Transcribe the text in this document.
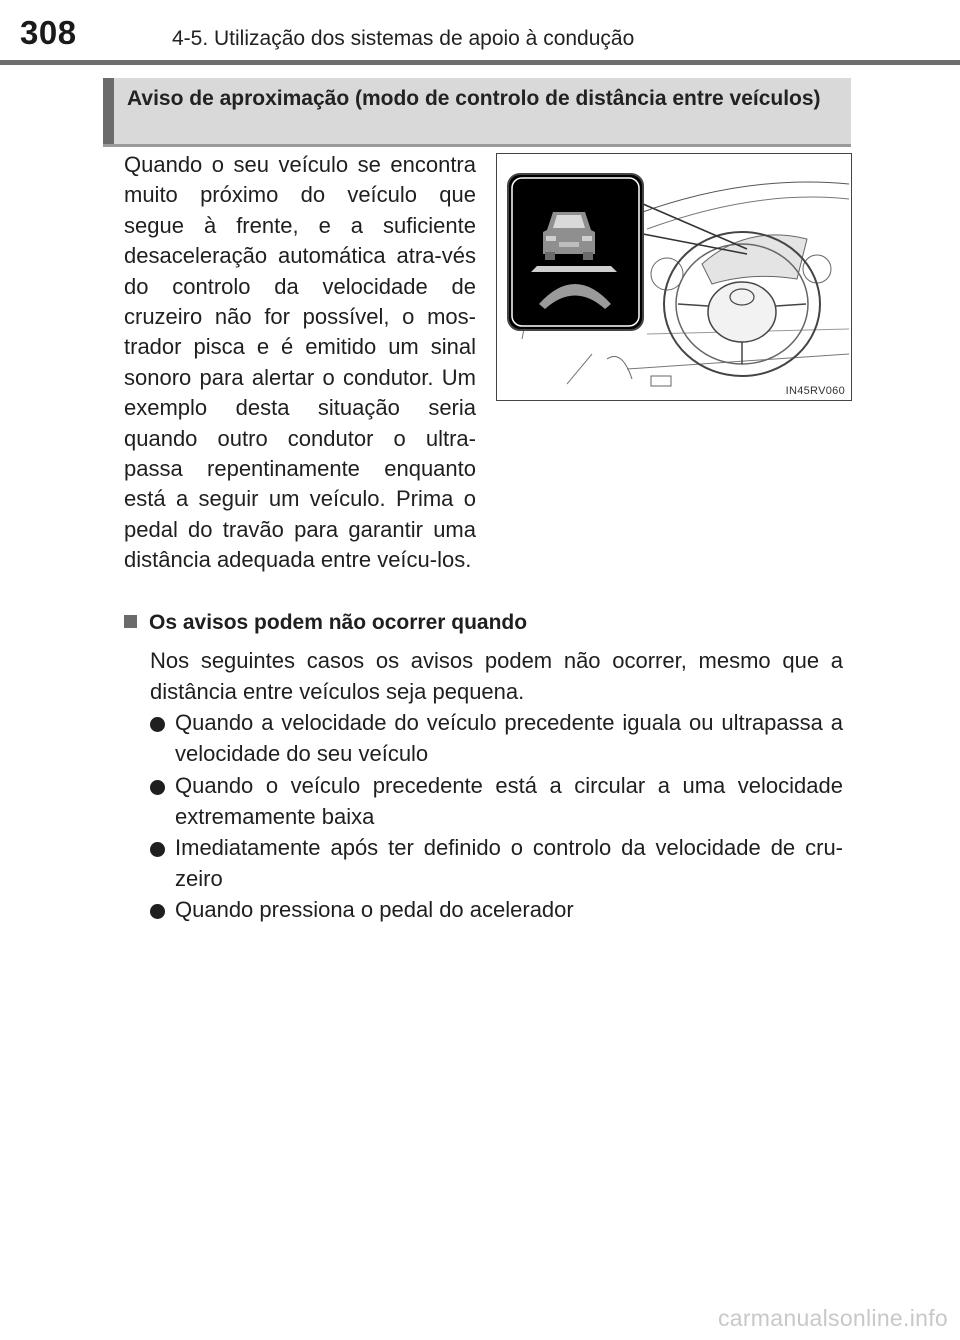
308	4-5. Utilização dos sistemas de apoio à condução
Aviso de aproximação (modo de controlo de distância entre veículos)
Quando o seu veículo se encontra muito próximo do veículo que segue à frente, e a suficiente desaceleração automática atra-vés do controlo da velocidade de cruzeiro não for possível, o mos-trador pisca e é emitido um sinal sonoro para alertar o condutor. Um exemplo desta situação seria quando outro condutor o ultra-passa repentinamente enquanto está a seguir um veículo. Prima o pedal do travão para garantir uma distância adequada entre veícu-los.
IN45RV060
Os avisos podem não ocorrer quando
Nos seguintes casos os avisos podem não ocorrer, mesmo que a distância entre veículos seja pequena.
Quando a velocidade do veículo precedente iguala ou ultrapassa a velocidade do seu veículo
Quando o veículo precedente está a circular a uma velocidade extremamente baixa
Imediatamente após ter definido o controlo da velocidade de cru-zeiro
Quando pressiona o pedal do acelerador
carmanualsonline.info
